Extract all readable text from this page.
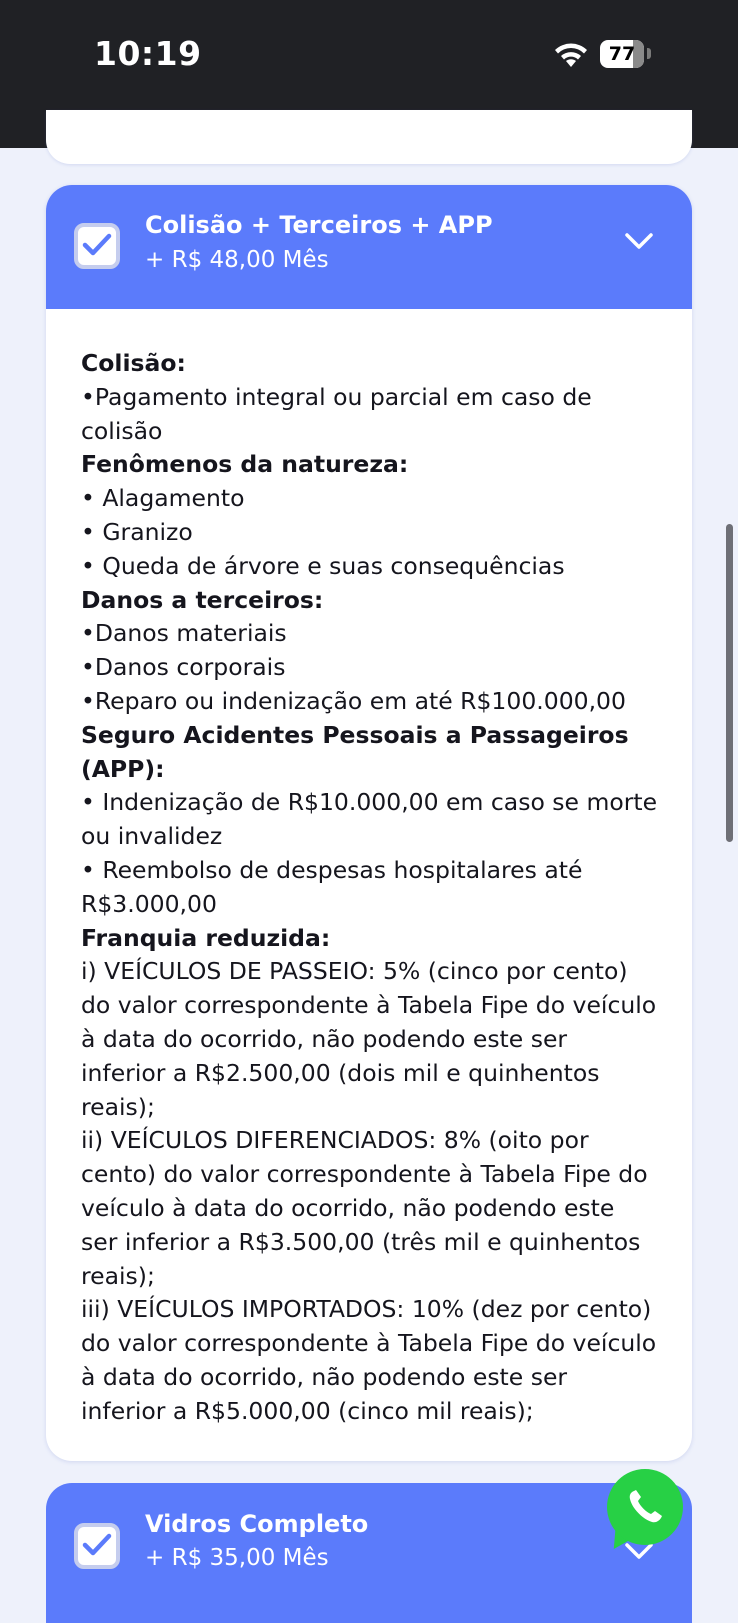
10:19	77
Colisão + Terceiros + APP
+ R$ 48,00 Mês

Colisão:

•Pagamento integral ou parcial em caso de colisão

Fenômenos da natureza:

• Alagamento

• Granizo

• Queda de árvore e suas consequências

Danos a terceiros:

•Danos materiais

•Danos corporais

•Reparo ou indenização em até R$100.000,00

Seguro Acidentes Pessoais a Passageiros (APP):

• Indenização de R$10.000,00 em caso se morte ou invalidez

• Reembolso de despesas hospitalares até R$3.000,00

Franquia reduzida:

i) VEÍCULOS DE PASSEIO: 5% (cinco por cento) do valor correspondente à Tabela Fipe do veículo à data do ocorrido, não podendo este ser inferior a R$2.500,00 (dois mil e quinhentos reais);

ii) VEÍCULOS DIFERENCIADOS: 8% (oito por cento) do valor correspondente à Tabela Fipe do veículo à data do ocorrido, não podendo este ser inferior a R$3.500,00 (três mil e quinhentos reais);

iii) VEÍCULOS IMPORTADOS: 10% (dez por cento) do valor correspondente à Tabela Fipe do veículo à data do ocorrido, não podendo este ser inferior a R$5.000,00 (cinco mil reais);

Vidros Completo
+ R$ 35,00 Mês
